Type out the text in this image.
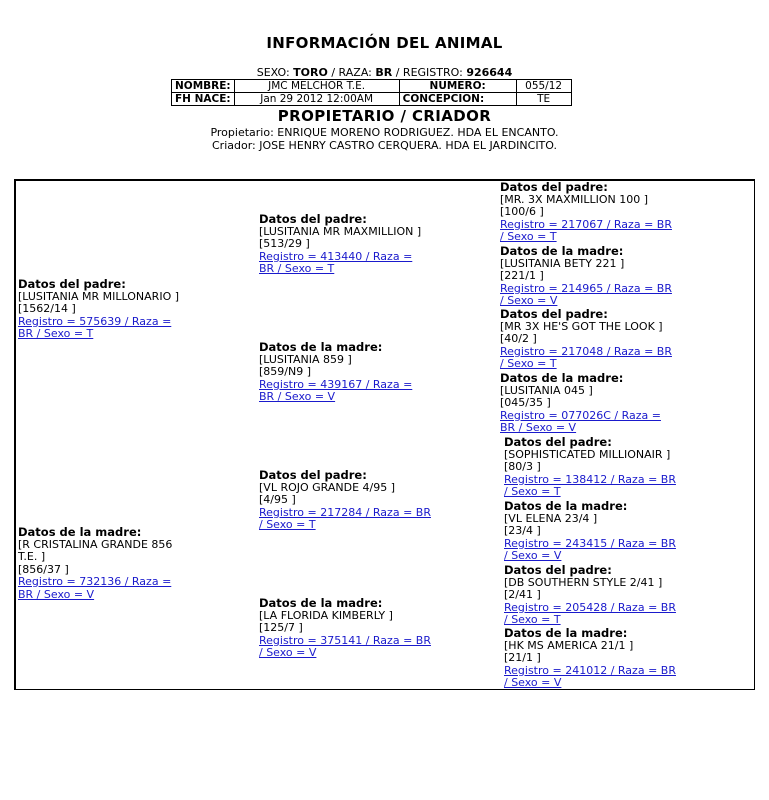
INFORMACIÓN DEL ANIMAL
SEXO: TORO / RAZA: BR / REGISTRO: 926644
NOMBRE:	JMC MELCHOR T.E.	NUMERO:	055/12
FH NACE:	Jan 29 2012 12:00AM	CONCEPCION:	TE
PROPIETARIO / CRIADOR
Propietario: ENRIQUE MORENO RODRIGUEZ. HDA EL ENCANTO.
Criador: JOSE HENRY CASTRO CERQUERA. HDA EL JARDINCITO.
Datos del padre:
[LUSITANIA MR MILLONARIO ]
[1562/14 ]
Registro = 575639 / Raza =
BR / Sexo = T
Datos de la madre:
[R CRISTALINA GRANDE 856
T.E. ]
[856/37 ]
Registro = 732136 / Raza =
BR / Sexo = V
Datos del padre:
[LUSITANIA MR MAXMILLION ]
[513/29 ]
Registro = 413440 / Raza =
BR / Sexo = T
Datos de la madre:
[LUSITANIA 859 ]
[859/N9 ]
Registro = 439167 / Raza =
BR / Sexo = V
Datos del padre:
[VL ROJO GRANDE 4/95 ]
[4/95 ]
Registro = 217284 / Raza = BR
/ Sexo = T
Datos de la madre:
[LA FLORIDA KIMBERLY ]
[125/7 ]
Registro = 375141 / Raza = BR
/ Sexo = V
Datos del padre:
[MR. 3X MAXMILLION 100 ]
[100/6 ]
Registro = 217067 / Raza = BR
/ Sexo = T
Datos de la madre:
[LUSITANIA BETY 221 ]
[221/1 ]
Registro = 214965 / Raza = BR
/ Sexo = V
Datos del padre:
[MR 3X HE'S GOT THE LOOK ]
[40/2 ]
Registro = 217048 / Raza = BR
/ Sexo = T
Datos de la madre:
[LUSITANIA 045 ]
[045/35 ]
Registro = 077026C / Raza =
BR / Sexo = V
Datos del padre:
[SOPHISTICATED MILLIONAIR ]
[80/3 ]
Registro = 138412 / Raza = BR
/ Sexo = T
Datos de la madre:
[VL ELENA 23/4 ]
[23/4 ]
Registro = 243415 / Raza = BR
/ Sexo = V
Datos del padre:
[DB SOUTHERN STYLE 2/41 ]
[2/41 ]
Registro = 205428 / Raza = BR
/ Sexo = T
Datos de la madre:
[HK MS AMERICA 21/1 ]
[21/1 ]
Registro = 241012 / Raza = BR
/ Sexo = V
